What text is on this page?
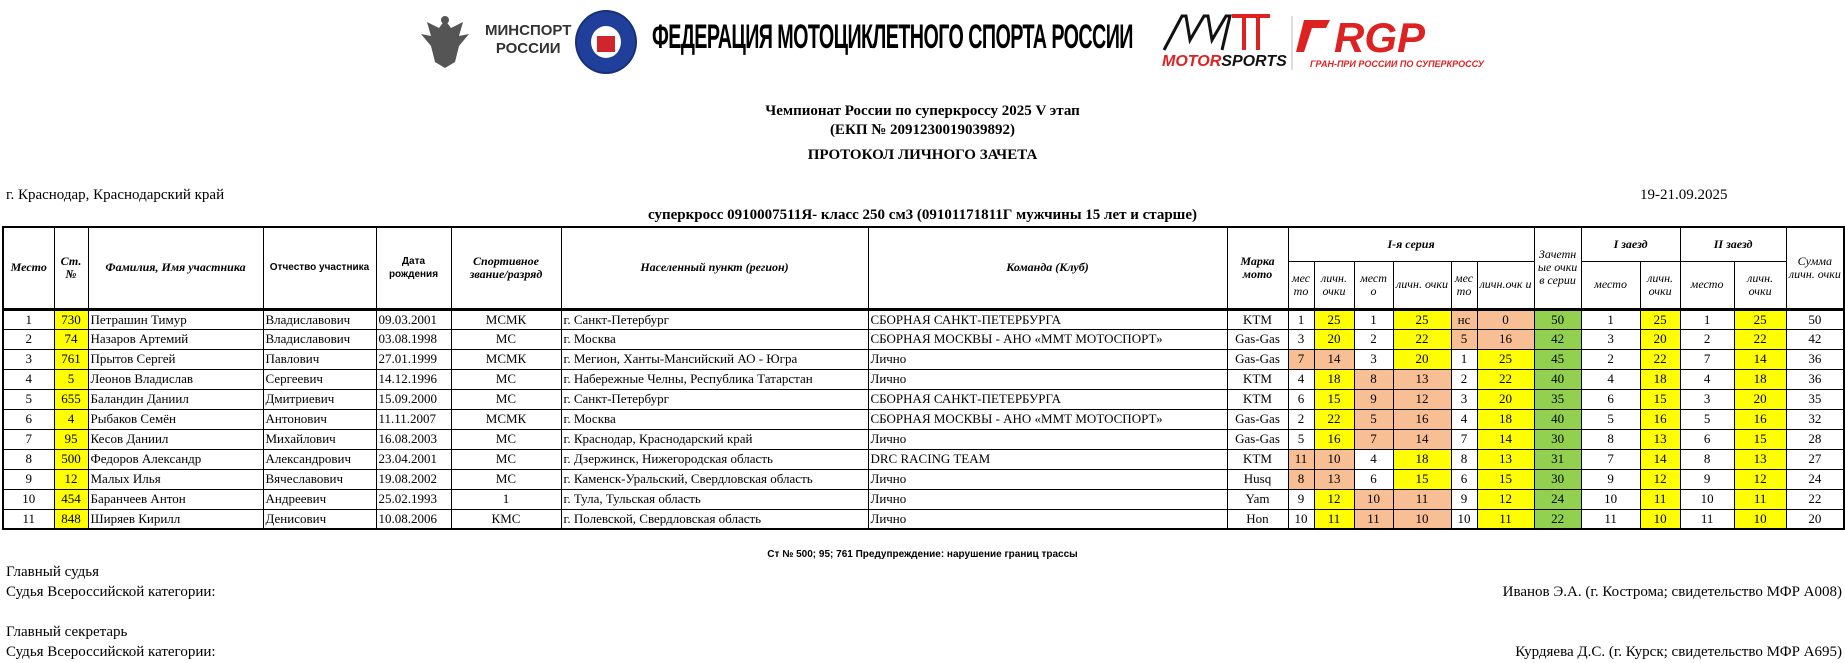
МИНСПОРТ
РОССИИ	ФЕДЕРАЦИЯ МОТОЦИКЛЕТНОГО СПОРТА РОССИИ
MOTORSPORTS
RGP
ГРАН-ПРИ РОССИИ ПО СУПЕРКРОССУ
Чемпионат России по суперкроссу 2025 V этап
(ЕКП № 2091230019039892)
ПРОТОКОЛ ЛИЧНОГО ЗАЧЕТА
г. Краснодар, Краснодарский край	19-21.09.2025
суперкросс 0910007511Я- класс 250 см3 (09101171811Г мужчины 15 лет и старше)
Место	Ст. №	Фамилия, Имя участника	Отчество участника	Дата рождения	Спортивное звание/разряд	Населенный пункт (регион)	Команда (Клуб)	Марка мото	I-я серия						Зачетн ые очки в серии	I заезд		II заезд		Сумма личн. очки
									мес то	личн. очки	мест о	личн. очки	мес то	личн.очк и		место	личн. очки	место	личн. очки	
1	730	Петрашин Тимур	Владиславович	09.03.2001	МСМК	г. Санкт-Петербург	СБОРНАЯ САНКТ-ПЕТЕРБУРГА	KTM	1	25	1	25	нс	0	50	1	25	1	25	50
2	74	Назаров Артемий	Владиславович	03.08.1998	МС	г. Москва	СБОРНАЯ МОСКВЫ - АНО «ММТ МОТОСПОРТ»	Gas-Gas	3	20	2	22	5	16	42	3	20	2	22	42
3	761	Прытов Сергей	Павлович	27.01.1999	МСМК	г. Мегион, Ханты-Мансийский АО - Югра	Лично	Gas-Gas	7	14	3	20	1	25	45	2	22	7	14	36
4	5	Леонов Владислав	Сергеевич	14.12.1996	МС	г. Набережные Челны, Республика Татарстан	Лично	KTM	4	18	8	13	2	22	40	4	18	4	18	36
5	655	Баландин Даниил	Дмитриевич	15.09.2000	МС	г. Санкт-Петербург	СБОРНАЯ САНКТ-ПЕТЕРБУРГА	KTM	6	15	9	12	3	20	35	6	15	3	20	35
6	4	Рыбаков Семён	Антонович	11.11.2007	МСМК	г. Москва	СБОРНАЯ МОСКВЫ - АНО «ММТ МОТОСПОРТ»	Gas-Gas	2	22	5	16	4	18	40	5	16	5	16	32
7	95	Кесов Даниил	Михайлович	16.08.2003	МС	г. Краснодар, Краснодарский край	Лично	Gas-Gas	5	16	7	14	7	14	30	8	13	6	15	28
8	500	Федоров Александр	Александрович	23.04.2001	МС	г. Дзержинск, Нижегородская область	DRC RACING TEAM	KTM	11	10	4	18	8	13	31	7	14	8	13	27
9	12	Малых Илья	Вячеславович	19.08.2002	МС	г. Каменск-Уральский, Свердловская область	Лично	Husq	8	13	6	15	6	15	30	9	12	9	12	24
10	454	Баранчеев Антон	Андреевич	25.02.1993	1	г. Тула, Тульская область	Лично	Yam	9	12	10	11	9	12	24	10	11	10	11	22
11	848	Ширяев Кирилл	Денисович	10.08.2006	КМС	г. Полевской, Свердловская область	Лично	Hon	10	11	11	10	10	11	22	11	10	11	10	20
Ст № 500; 95; 761 Предупреждение: нарушение границ трассы
Главный судья
Судья Всероссийской категории:	Иванов Э.А. (г. Кострома; свидетельство МФР А008)
Главный секретарь
Судья Всероссийской категории:	Курдяева Д.С. (г. Курск; свидетельство МФР А695)
